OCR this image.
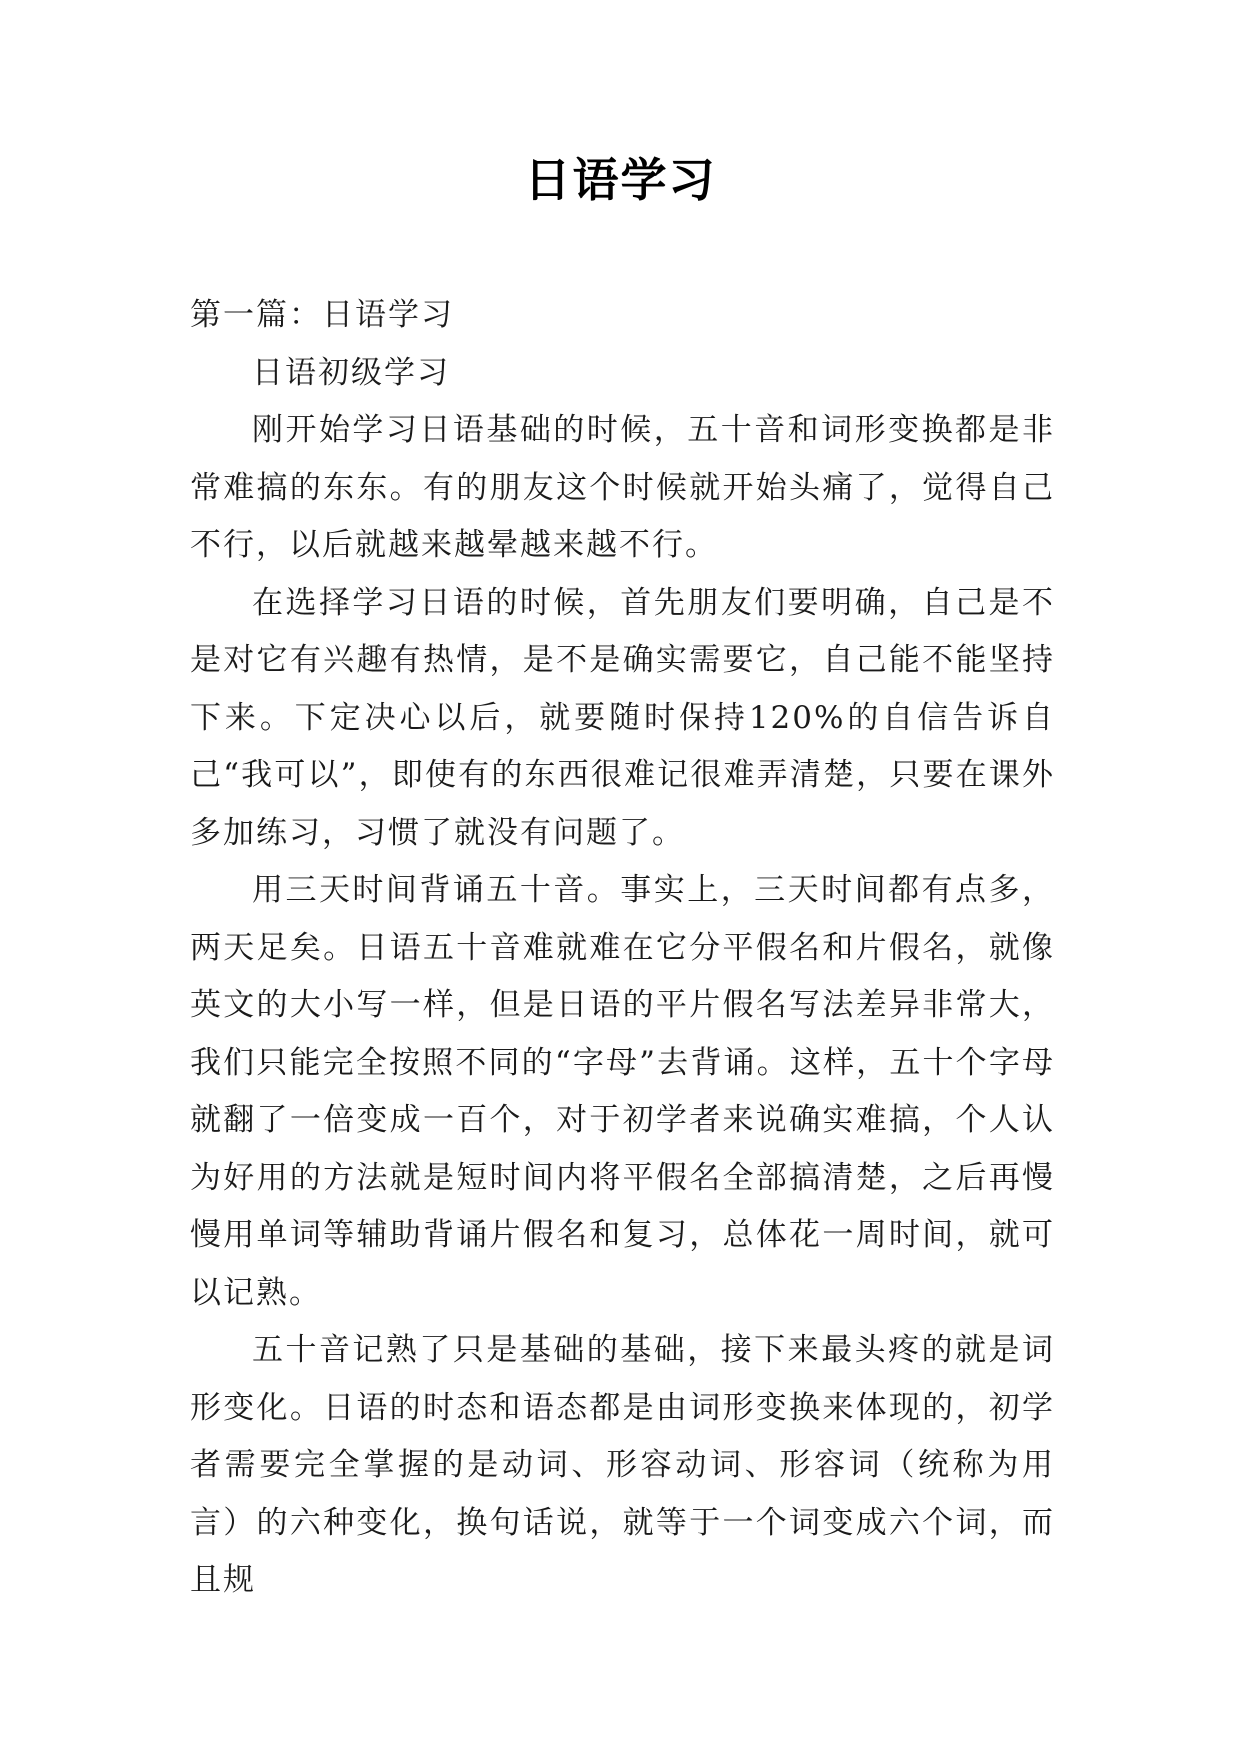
日语学习

第一篇：日语学习

日语初级学习

刚开始学习日语基础的时候，五十音和词形变换都是非常难搞的东东。有的朋友这个时候就开始头痛了，觉得自己不行，以后就越来越晕越来越不行。

在选择学习日语的时候，首先朋友们要明确，自己是不是对它有兴趣有热情，是不是确实需要它，自己能不能坚持下来。下定决心以后，就要随时保持120%的自信告诉自己“我可以”，即使有的东西很难记很难弄清楚，只要在课外多加练习，习惯了就没有问题了。

用三天时间背诵五十音。事实上，三天时间都有点多，两天足矣。日语五十音难就难在它分平假名和片假名，就像英文的大小写一样，但是日语的平片假名写法差异非常大，我们只能完全按照不同的“字母”去背诵。这样，五十个字母就翻了一倍变成一百个，对于初学者来说确实难搞，个人认为好用的方法就是短时间内将平假名全部搞清楚，之后再慢慢用单词等辅助背诵片假名和复习，总体花一周时间，就可以记熟。

五十音记熟了只是基础的基础，接下来最头疼的就是词形变化。日语的时态和语态都是由词形变换来体现的，初学者需要完全掌握的是动词、形容动词、形容词（统称为用言）的六种变化，换句话说，就等于一个词变成六个词，而且规
